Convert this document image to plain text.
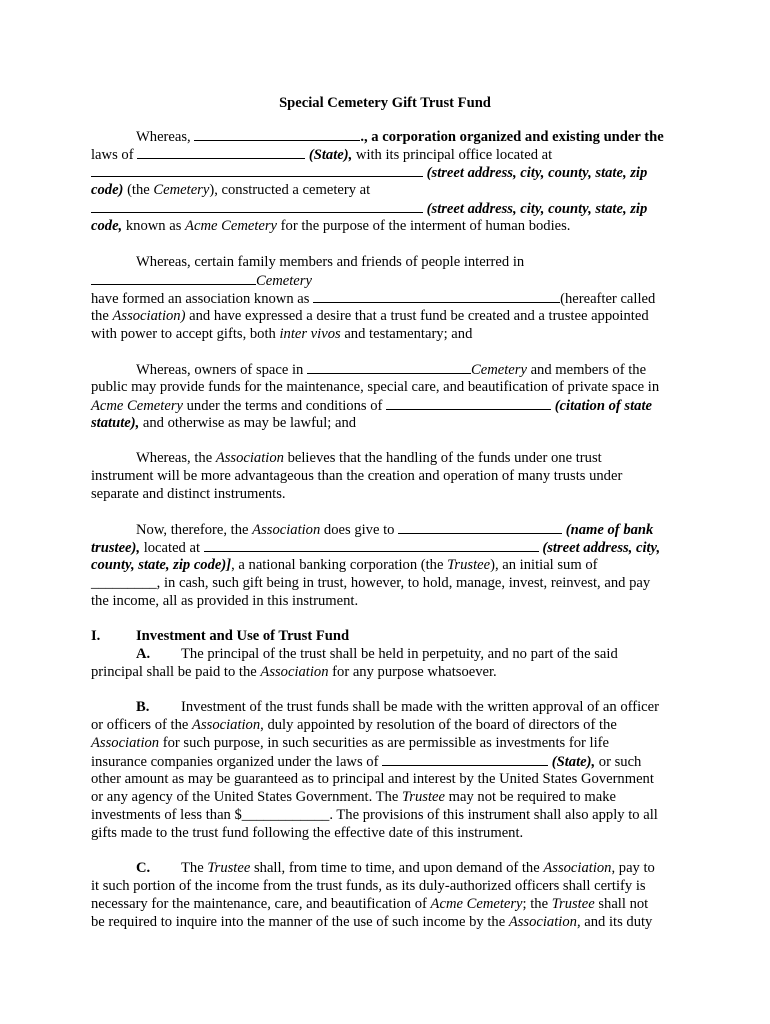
Special Cemetery Gift Trust Fund
Whereas,	., a corporation organized and existing under the
laws of	(State), with its principal office located at
(street address, city, county, state, zip
code) (the Cemetery), constructed a cemetery at
(street address, city, county, state, zip
code, known as Acme Cemetery for the purpose of the interment of human bodies.
Whereas, certain family members and friends of people interred in
Cemetery
have formed an association known as	(hereafter called
the Association) and have expressed a desire that a trust fund be created and a trustee appointed
with power to accept gifts, both inter vivos and testamentary; and
Whereas, owners of space in	Cemetery and members of the
public may provide funds for the maintenance, special care, and beautification of private space in
Acme Cemetery under the terms and conditions of	(citation of state
statute), and otherwise as may be lawful; and
Whereas, the Association believes that the handling of the funds under one trust
instrument will be more advantageous than the creation and operation of many trusts under
separate and distinct instruments.
Now, therefore, the Association does give to	(name of bank
trustee), located at	(street address, city,
county, state, zip code)], a national banking corporation (the Trustee), an initial sum of
_________, in cash, such gift being in trust, however, to hold, manage, invest, reinvest, and pay
the income, all as provided in this instrument.
I. Investment and Use of Trust Fund
A. The principal of the trust shall be held in perpetuity, and no part of the said
principal shall be paid to the Association for any purpose whatsoever.
B. Investment of the trust funds shall be made with the written approval of an officer
or officers of the Association, duly appointed by resolution of the board of directors of the
Association for such purpose, in such securities as are permissible as investments for life
insurance companies organized under the laws of	(State), or such
other amount as may be guaranteed as to principal and interest by the United States Government
or any agency of the United States Government. The Trustee may not be required to make
investments of less than $____________. The provisions of this instrument shall also apply to all
gifts made to the trust fund following the effective date of this instrument.
C. The Trustee shall, from time to time, and upon demand of the Association, pay to
it such portion of the income from the trust funds, as its duly-authorized officers shall certify is
necessary for the maintenance, care, and beautification of Acme Cemetery; the Trustee shall not
be required to inquire into the manner of the use of such income by the Association, and its duty
